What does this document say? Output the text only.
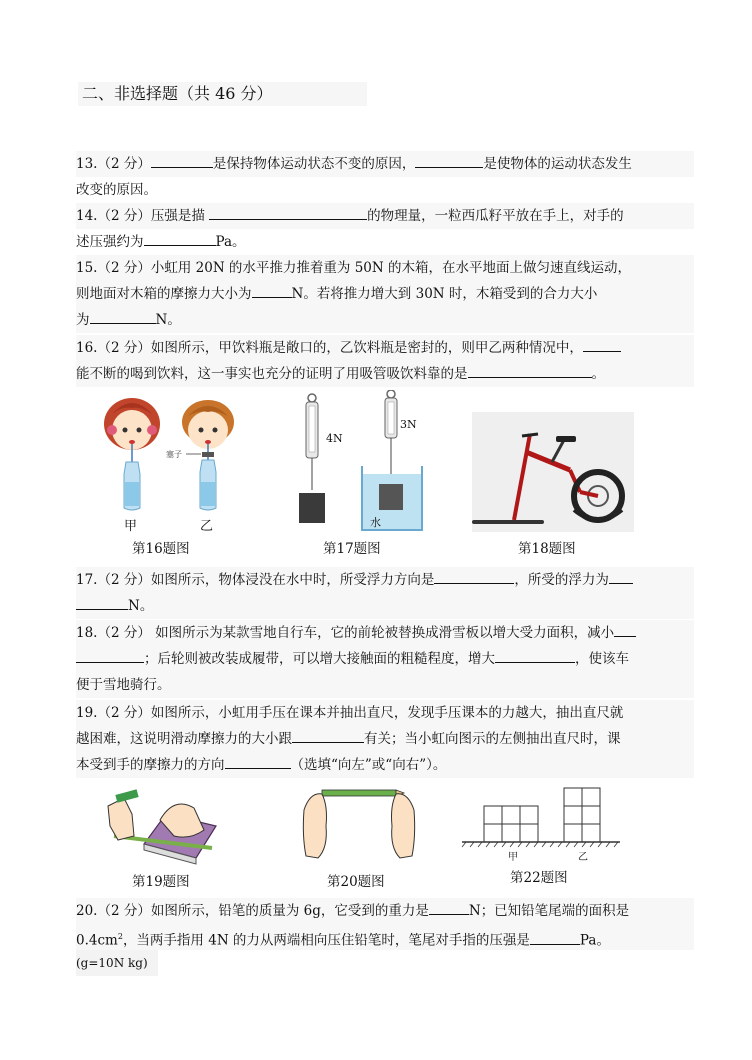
二、非选择题（共 46 分）
13.（2 分）	是保持物体运动状态不变的原因，	是使物体的运动状态发生
改变的原因。
14.（2 分）压强是描	的物理量，一粒西瓜籽平放在手上，对手的
述压强约为	Pa。
15.（2 分）小虹用 20N 的水平推力推着重为 50N 的木箱，在水平地面上做匀速直线运动，
则地面对木箱的摩擦力大小为	N。若将推力增大到 30N 时，木箱受到的合力大小
为	N。
16.（2 分）如图所示，甲饮料瓶是敞口的，乙饮料瓶是密封的，则甲乙两种情况中，
能不断的喝到饮料，这一事实也充分的证明了用吸管吸饮料靠的是	。
塞子
甲	乙
第16题图
4N
3N
水
第17题图	第18题图
17.（2 分）如图所示，物体浸没在水中时，所受浮力方向是	，所受的浮力为
N。
18.（2 分） 如图所示为某款雪地自行车，它的前轮被替换成滑雪板以增大受力面积，减小
；后轮则被改装成履带，可以增大接触面的粗糙程度，增大	，使该车
便于雪地骑行。
19.（2 分）如图所示，小虹用手压在课本并抽出直尺，发现手压课本的力越大，抽出直尺就
越困难，这说明滑动摩擦力的大小跟	有关；当小虹向图示的左侧抽出直尺时，课
本受到手的摩擦力的方向	（选填“向左”或“向右”）。
第19题图	第20题图
甲	乙
第22题图
20.（2 分）如图所示，铅笔的质量为 6g，它受到的重力是	N；已知铅笔尾端的面积是
$0.4cm^2$，当两手指用 4N 的力从两端相向压住铅笔时，笔尾对手指的压强是	Pa。
(g=10N kg)
